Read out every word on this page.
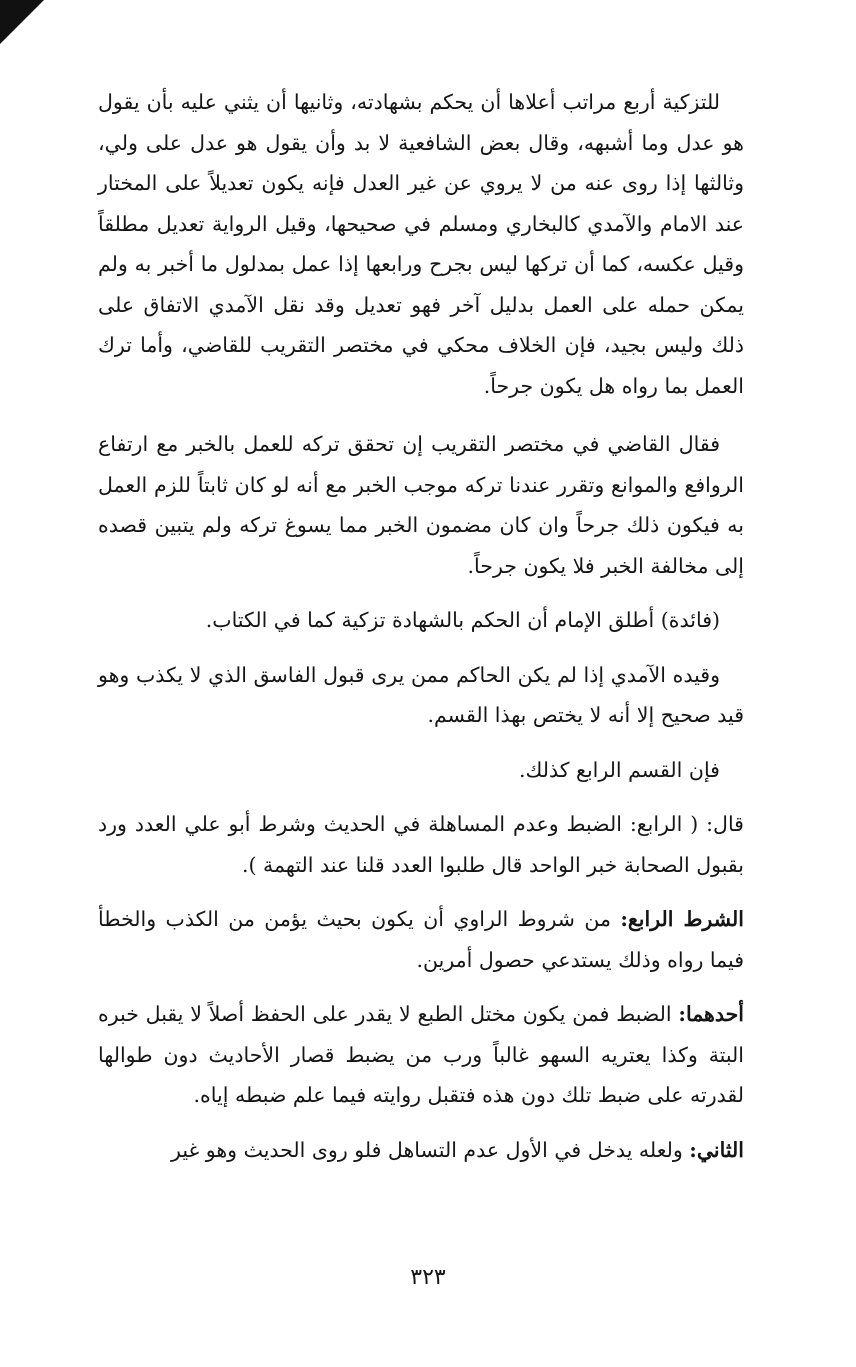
للتزكية أربع مراتب أعلاها أن يحكم بشهادته، وثانيها أن يثني عليه بأن يقول هو عدل وما أشبهه، وقال بعض الشافعية لا بد وأن يقول هو عدل على ولي، وثالثها إذا روى عنه من لا يروي عن غير العدل فإنه يكون تعديلاً على المختار عند الامام والآمدي كالبخاري ومسلم في صحيحها، وقيل الرواية تعديل مطلقاً وقيل عكسه، كما أن تركها ليس بجرح ورابعها إذا عمل بمدلول ما أخبر به ولم يمكن حمله على العمل بدليل آخر فهو تعديل وقد نقل الآمدي الاتفاق على ذلك وليس بجيد، فإن الخلاف محكي في مختصر التقريب للقاضي، وأما ترك العمل بما رواه هل يكون جرحاً.

فقال القاضي في مختصر التقريب إن تحقق تركه للعمل بالخبر مع ارتفاع الروافع والموانع وتقرر عندنا تركه موجب الخبر مع أنه لو كان ثابتاً للزم العمل به فيكون ذلك جرحاً وان كان مضمون الخبر مما يسوغ تركه ولم يتبين قصده إلى مخالفة الخبر فلا يكون جرحاً.

(فائدة) أطلق الإمام أن الحكم بالشهادة تزكية كما في الكتاب.

وقيده الآمدي إذا لم يكن الحاكم ممن يرى قبول الفاسق الذي لا يكذب وهو قيد صحيح إلا أنه لا يختص بهذا القسم.

فإن القسم الرابع كذلك.

قال: ( الرابع: الضبط وعدم المساهلة في الحديث وشرط أبو علي العدد ورد بقبول الصحابة خبر الواحد قال طلبوا العدد قلنا عند التهمة ).

الشرط الرابع: من شروط الراوي أن يكون بحيث يؤمن من الكذب والخطأ فيما رواه وذلك يستدعي حصول أمرين.

أحدهما: الضبط فمن يكون مختل الطبع لا يقدر على الحفظ أصلاً لا يقبل خبره البتة وكذا يعتريه السهو غالباً ورب من يضبط قصار الأحاديث دون طوالها لقدرته على ضبط تلك دون هذه فتقبل روايته فيما علم ضبطه إياه.

الثاني: ولعله يدخل في الأول عدم التساهل فلو روى الحديث وهو غير

٣٢٣
